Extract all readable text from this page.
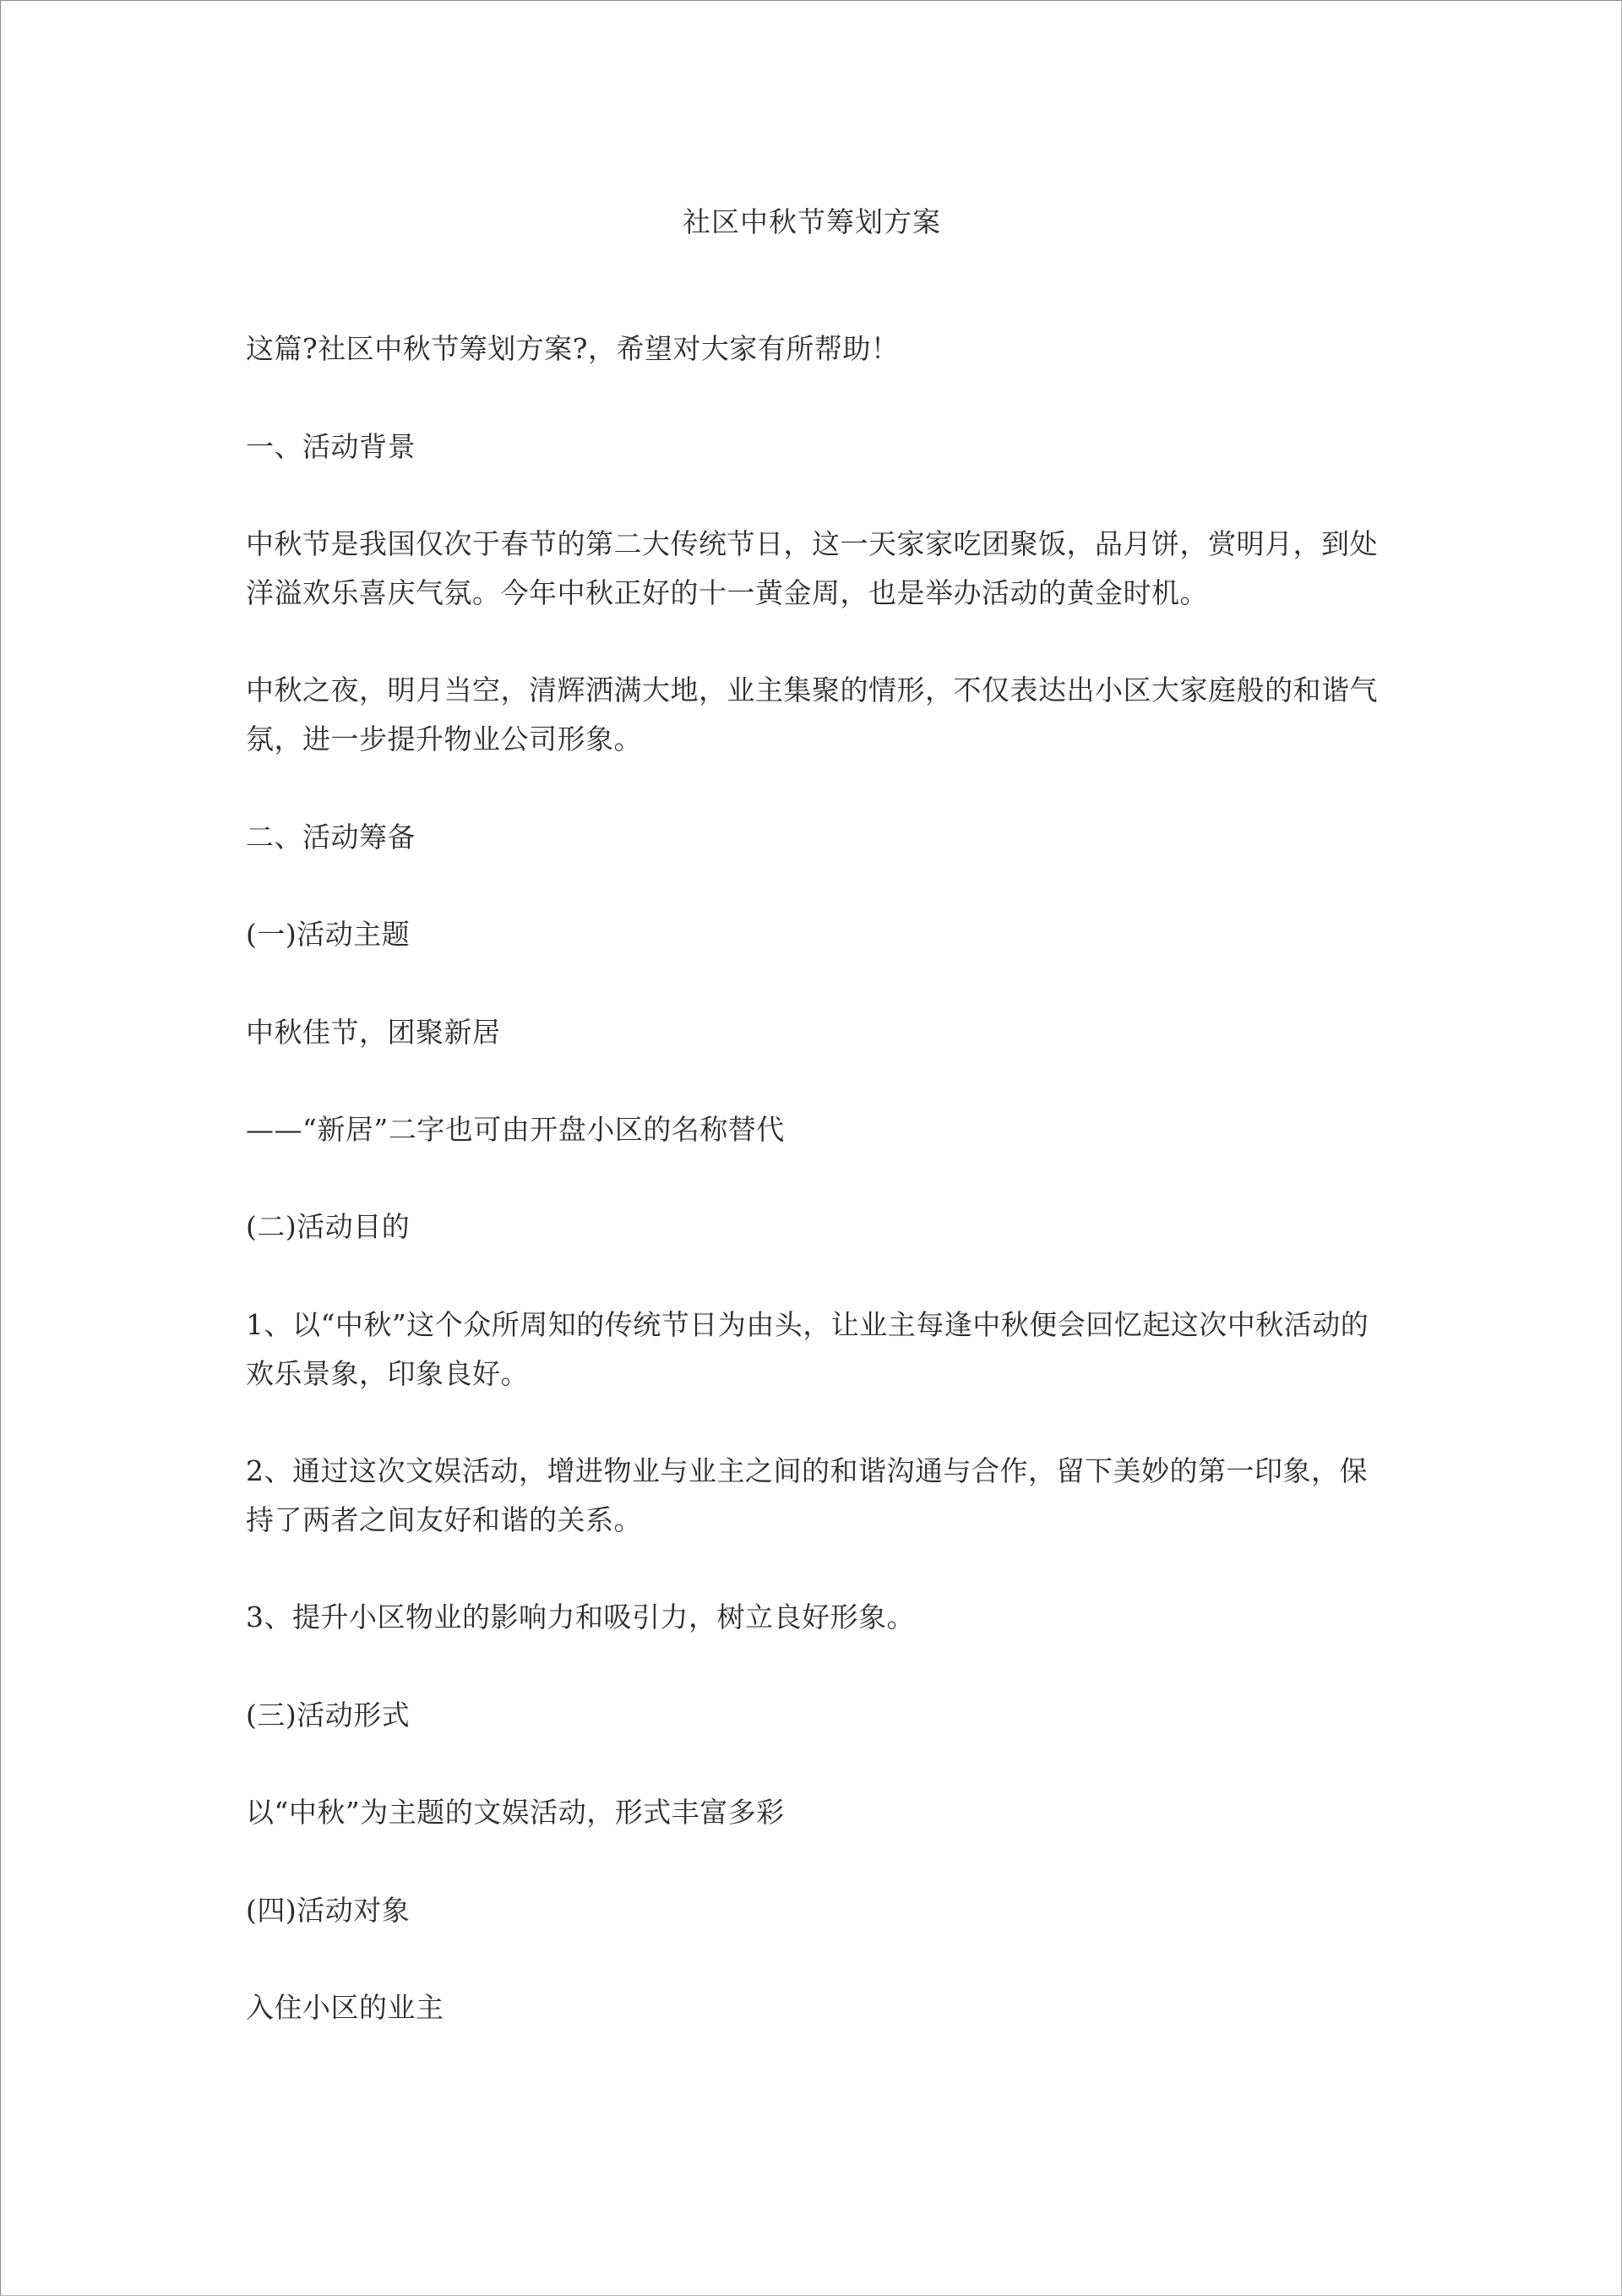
社区中秋节筹划方案

这篇?社区中秋节筹划方案?，希望对大家有所帮助！

一、活动背景

中秋节是我国仅次于春节的第二大传统节日，这一天家家吃团聚饭，品月饼，赏明月，到处
洋溢欢乐喜庆气氛。今年中秋正好的十一黄金周，也是举办活动的黄金时机。

中秋之夜，明月当空，清辉洒满大地，业主集聚的情形，不仅表达出小区大家庭般的和谐气
氛，进一步提升物业公司形象。

二、活动筹备

(一)活动主题

中秋佳节，团聚新居

——“新居”二字也可由开盘小区的名称替代

(二)活动目的

1、以“中秋”这个众所周知的传统节日为由头，让业主每逢中秋便会回忆起这次中秋活动的
欢乐景象，印象良好。

2、通过这次文娱活动，增进物业与业主之间的和谐沟通与合作，留下美妙的第一印象，保
持了两者之间友好和谐的关系。

3、提升小区物业的影响力和吸引力，树立良好形象。

(三)活动形式

以“中秋”为主题的文娱活动，形式丰富多彩

(四)活动对象

入住小区的业主
